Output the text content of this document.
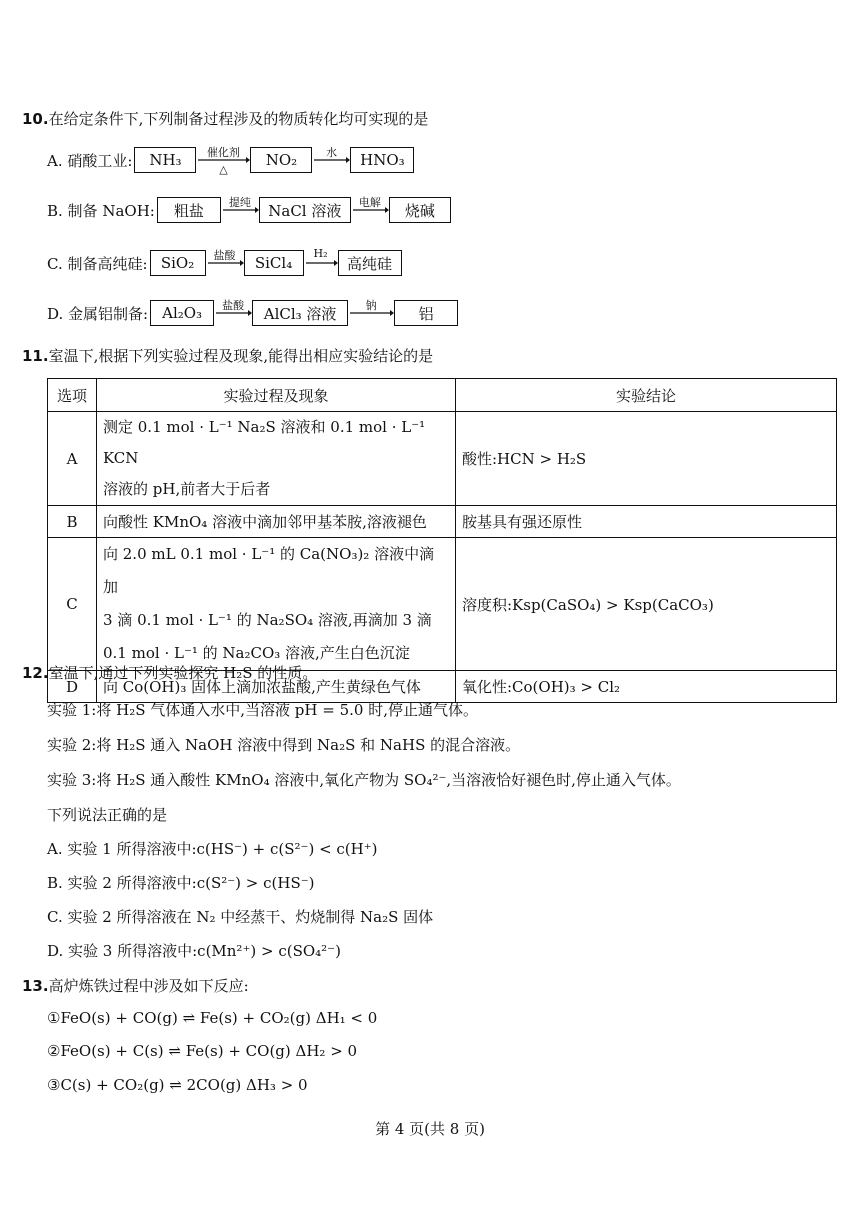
10.在给定条件下,下列制备过程涉及的物质转化均可实现的是
A. 硝酸工业:	NH₃	催化剂
△
NO₂	水	HNO₃
B. 制备 NaOH:	粗盐	提纯	NaCl 溶液	电解	烧碱
C. 制备高纯硅: SiO₂	盐酸	SiCl₄
H₂
高纯硅
D. 金属铝制备: Al₂O₃	盐酸	AlCl₃ 溶液	钠	铝
11.室温下,根据下列实验过程及现象,能得出相应实验结论的是
选项	实验过程及现象	实验结论
A	测定 0.1 mol · L⁻¹ Na₂S 溶液和 0.1 mol · L⁻¹ KCN
溶液的 pH,前者大于后者	酸性:HCN > H₂S
B	向酸性 KMnO₄ 溶液中滴加邻甲基苯胺,溶液褪色	胺基具有强还原性
C	向 2.0 mL 0.1 mol · L⁻¹ 的 Ca(NO₃)₂ 溶液中滴加
3 滴 0.1 mol · L⁻¹ 的 Na₂SO₄ 溶液,再滴加 3 滴
0.1 mol · L⁻¹ 的 Na₂CO₃ 溶液,产生白色沉淀	溶度积:Ksp(CaSO₄) > Ksp(CaCO₃)
D	向 Co(OH)₃ 固体上滴加浓盐酸,产生黄绿色气体	氧化性:Co(OH)₃ > Cl₂
12.室温下,通过下列实验探究 H₂S 的性质。
实验 1:将 H₂S 气体通入水中,当溶液 pH = 5.0 时,停止通气体。
实验 2:将 H₂S 通入 NaOH 溶液中得到 Na₂S 和 NaHS 的混合溶液。
实验 3:将 H₂S 通入酸性 KMnO₄ 溶液中,氧化产物为 SO₄²⁻,当溶液恰好褪色时,停止通入气体。
下列说法正确的是
A. 实验 1 所得溶液中:c(HS⁻) + c(S²⁻) < c(H⁺)
B. 实验 2 所得溶液中:c(S²⁻) > c(HS⁻)
C. 实验 2 所得溶液在 N₂ 中经蒸干、灼烧制得 Na₂S 固体
D. 实验 3 所得溶液中:c(Mn²⁺) > c(SO₄²⁻)
13.高炉炼铁过程中涉及如下反应:
①FeO(s) + CO(g) ⇌ Fe(s) + CO₂(g) ΔH₁ < 0
②FeO(s) + C(s) ⇌ Fe(s) + CO(g) ΔH₂ > 0
③C(s) + CO₂(g) ⇌ 2CO(g) ΔH₃ > 0
第 4 页(共 8 页)
